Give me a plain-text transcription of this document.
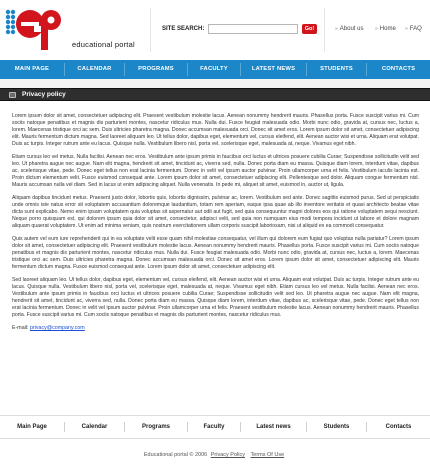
educational portal
SITE SEARCH:	Go!	» About us » Home » FAQ
MAIN PAGE	CALENDAR	PROGRAMS	FACULTY	LATEST NEWS	STUDENTS	CONTACTS
Privacy policy

Lorem ipsum dolor sit amet, consectetuer adipiscing elit. Praesent vestibulum molestie lacus. Aenean nonummy hendrerit mauris. Phasellus porta. Fusce suscipit varius mi. Cum sociis natoque penatibus et magnis dis parturient montes, nascetur ridiculus mus. Nulla dui. Fusce feugiat malesuada odio. Morbi nunc odio, gravida at, cursus nec, luctus a, lorem. Maecenas tristique orci ac sem. Duis ultricies pharetra magna. Donec accumsan malesuada orci. Donec sit amet eros. Lorem ipsum dolor sit amet, consectetuer adipiscing elit. Mauris fermentum dictum magna. Sed laoreet aliquam leo. Ut tellus dolor, dapibus eget, elementum vel, cursus eleifend, elit. Aenean auctor wisi et urna. Aliquam erat volutpat. Duis ac turpis. Integer rutrum ante eu lacus. Quisque nulla. Vestibulum libero nisl, porta vel, scelerisque eget, malesuada at, neque. Vivamus eget nibh.

Etiam cursus leo vel metus. Nulla facilisi. Aenean nec eros. Vestibulum ante ipsum primis in faucibus orci luctus et ultrices posuere cubilia Curae; Suspendisse sollicitudin velit sed leo. Ut pharetra augue nec augue. Nam elit magna, hendrerit sit amet, tincidunt ac, viverra sed, nulla. Donec porta diam eu massa. Quisque diam lorem, interdum vitae, dapibus ac, scelerisque vitae, pede. Donec eget tellus non erat lacinia fermentum. Donec in velit vel ipsum auctor pulvinar. Proin ullamcorper urna et felis. Vestibulum iaculis lacinia est. Proin dictum elementum velit. Fusce euismod consequat ante. Lorem ipsum dolor sit amet, consectetuer adipiscing elit. Pellentesque sed dolor. Aliquam congue fermentum nisl. Mauris accumsan nulla vel diam. Sed in lacus ut enim adipiscing aliquet. Nulla venenatis. In pede mi, aliquet sit amet, euismod in, auctor ut, ligula.

Aliquam dapibus tincidunt metus. Praesent justo dolor, lobortis quis, lobortis dignissim, pulvinar ac, lorem. Vestibulum sed ante. Donec sagittis euismod purus. Sed ut perspiciatis unde omnis iste natus error sit voluptatem accusantium doloremque laudantium, totam rem aperiam, eaque ipsa quae ab illo inventore veritatis et quasi architecto beatae vitae dicta sunt explicabo. Nemo enim ipsam voluptatem quia voluptas sit aspernatur aut odit aut fugit, sed quia consequuntur magni dolores eos qui ratione voluptatem sequi nesciunt. Neque porro quisquam est, qui dolorem ipsum quia dolor sit amet, consectetur, adipisci velit, sed quia non numquam eius modi tempora incidunt ut labore et dolore magnam aliquam quaerat voluptatem. Ut enim ad minima veniam, quis nostrum exercitationem ullam corporis suscipit laboriosam, nisi ut aliquid ex ea commodi consequatur.

Quis autem vel eum iure reprehenderit qui in ea voluptate velit esse quam nihil molestiae consequatur, vel illum qui dolorem eum fugiat quo voluptas nulla pariatur? Lorem ipsum dolor sit amet, consectetuer adipiscing elit. Praesent vestibulum molestie lacus. Aenean nonummy hendrerit mauris. Phasellus porta. Fusce suscipit varius mi. Cum sociis natoque penatibus et magnis dis parturient montes, nascetur ridiculus mus. Nulla dui. Fusce feugiat malesuada odio. Morbi nunc odio, gravida at, cursus nec, luctus a, lorem. Maecenas tristique orci ac sem. Duis ultricies pharetra magna. Donec accumsan malesuada orci. Donec sit amet eros. Lorem ipsum dolor sit amet, consectetuer adipiscing elit. Mauris fermentum dictum magna. Fusce euismod consequat ante. Lorem ipsum dolor sit amet, consectetuer adipiscing elit.

Sed laoreet aliquam leo. Ut tellus dolor, dapibus eget, elementum vel, cursus eleifend, elit. Aenean auctor wisi et urna. Aliquam erat volutpat. Duis ac turpis. Integer rutrum ante eu lacus. Quisque nulla. Vestibulum libero nisl, porta vel, scelerisque eget, malesuada at, neque. Vivamus eget nibh. Etiam cursus leo vel metus. Nulla facilisi. Aenean nec eros. Vestibulum ante ipsum primis in faucibus orci luctus et ultrices posuere cubilia Curae; Suspendisse sollicitudin velit sed leo. Ut pharetra augue nec augue. Nam elit magna, hendrerit sit amet, tincidunt ac, viverra sed, nulla. Donec porta diam eu massa. Quisque diam lorem, interdum vitae, dapibus ac, scelerisque vitae, pede. Donec eget tellus non erat lacinia fermentum. Donec in velit vel ipsum auctor pulvinar. Proin ullamcorper urna et felis. Praesent vestibulum molestie lacus. Aenean nonummy hendrerit mauris. Phasellus porta. Fusce suscipit varius mi. Cum sociis natoque penatibus et magnis dis parturient montes, nascetur ridiculus mus.

E-mail: privacy@company.com
Main Page	Calendar	Programs	Faculty	Latest news	Students	Contacts
Educational portal © 2006 Privacy Policy Terms Of Use
